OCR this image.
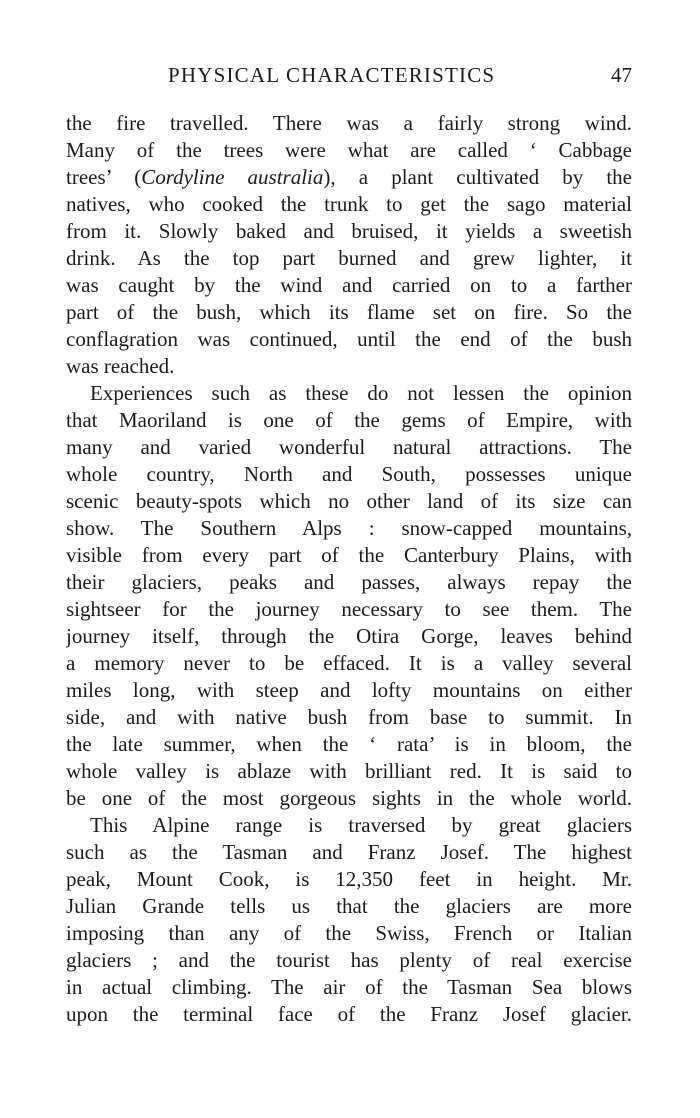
PHYSICAL CHARACTERISTICS	47
the fire travelled. There was a fairly strong wind.
Many of the trees were what are called ‘ Cabbage
trees’ (Cordyline australia), a plant cultivated by the
natives, who cooked the trunk to get the sago material
from it. Slowly baked and bruised, it yields a sweetish
drink. As the top part burned and grew lighter, it
was caught by the wind and carried on to a farther
part of the bush, which its flame set on fire. So the
conflagration was continued, until the end of the bush
was reached.
Experiences such as these do not lessen the opinion
that Maoriland is one of the gems of Empire, with
many and varied wonderful natural attractions. The
whole country, North and South, possesses unique
scenic beauty-spots which no other land of its size can
show. The Southern Alps : snow-capped mountains,
visible from every part of the Canterbury Plains, with
their glaciers, peaks and passes, always repay the
sightseer for the journey necessary to see them. The
journey itself, through the Otira Gorge, leaves behind
a memory never to be effaced. It is a valley several
miles long, with steep and lofty mountains on either
side, and with native bush from base to summit. In
the late summer, when the ‘ rata’ is in bloom, the
whole valley is ablaze with brilliant red. It is said to
be one of the most gorgeous sights in the whole world.
This Alpine range is traversed by great glaciers
such as the Tasman and Franz Josef. The highest
peak, Mount Cook, is 12,350 feet in height. Mr.
Julian Grande tells us that the glaciers are more
imposing than any of the Swiss, French or Italian
glaciers ; and the tourist has plenty of real exercise
in actual climbing. The air of the Tasman Sea blows
upon the terminal face of the Franz Josef glacier.
